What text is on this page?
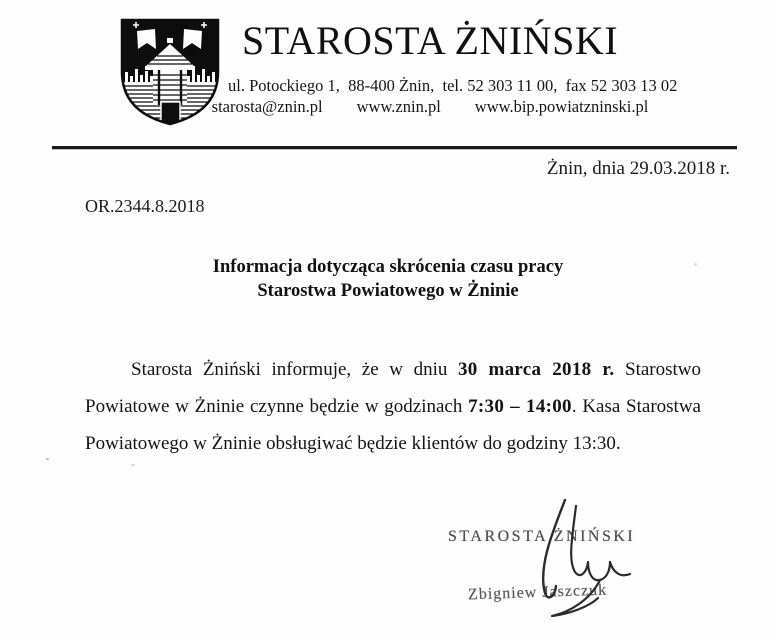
STAROSTA ŻNIŃSKI
ul. Potockiego 1,  88-400 Żnin,  tel. 52 303 11 00,  fax 52 303 13 02
starosta@znin.pl www.znin.pl www.bip.powiatzninski.pl
Żnin, dnia 29.03.2018 r.
OR.2344.8.2018
Informacja dotycząca skrócenia czasu pracy
Starostwa Powiatowego w Żninie
Starosta Żniński informuje, że w dniu 30 marca 2018 r. Starostwo Powiatowe w Żninie czynne będzie w godzinach 7:30 – 14:00. Kasa Starostwa Powiatowego w Żninie obsługiwać będzie klientów do godziny 13:30.
STAROSTA ŻNIŃSKI
Zbigniew Jaszczuk
